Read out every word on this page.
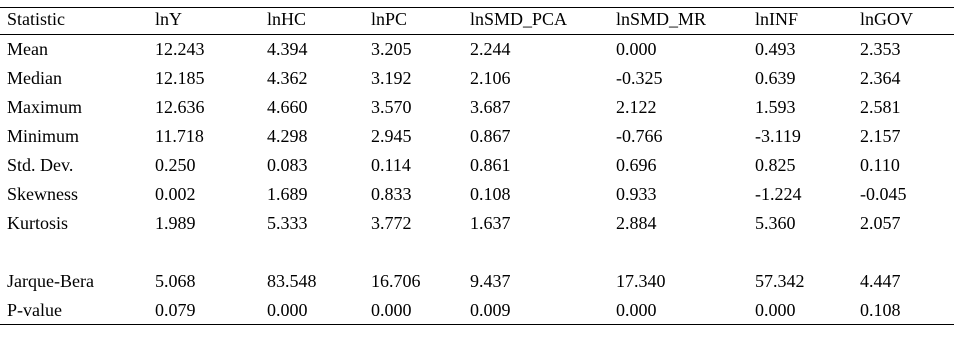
Statistic	lnY	lnHC	lnPC	lnSMD_PCA	lnSMD_MR	lnINF	lnGOV
Mean	12.243	4.394	3.205	2.244	0.000	0.493	2.353
Median	12.185	4.362	3.192	2.106	-0.325	0.639	2.364
Maximum	12.636	4.660	3.570	3.687	2.122	1.593	2.581
Minimum	11.718	4.298	2.945	0.867	-0.766	-3.119	2.157
Std. Dev.	0.250	0.083	0.114	0.861	0.696	0.825	0.110
Skewness	0.002	1.689	0.833	0.108	0.933	-1.224	-0.045
Kurtosis	1.989	5.333	3.772	1.637	2.884	5.360	2.057
Jarque-Bera	5.068	83.548	16.706	9.437	17.340	57.342	4.447
P-value	0.079	0.000	0.000	0.009	0.000	0.000	0.108
